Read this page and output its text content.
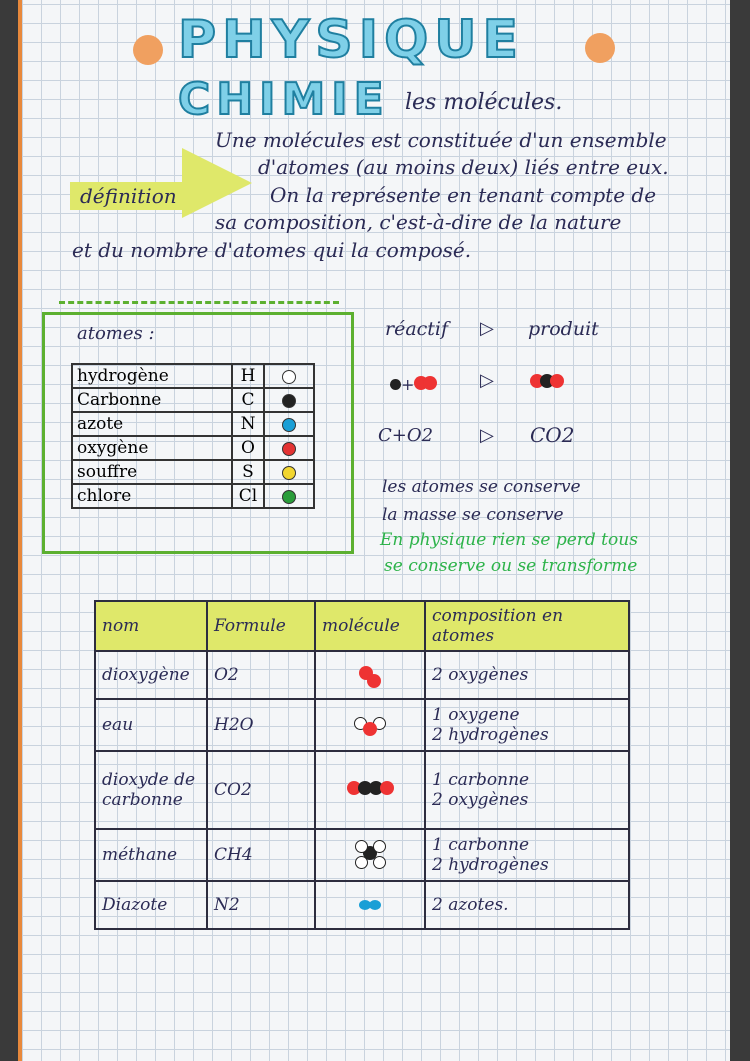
PHYSIQUE
CHIMIE les molécules.
définition
Une molécules est constituée d'un ensemble
d'atomes (au moins deux) liés entre eux.
On la représente en tenant compte de
sa composition, c'est-à-dire de la nature
et du nombre d'atomes qui la composé.
atomes :
hydrogène	H	
Carbonne	C	
azote	N	
oxygène	O	
souffre	S	
chlore	Cl	
réactif ▷ produit
+	▷
C+O2	▷ CO2
les atomes se conserve
la masse se conserve
En physique rien se perd tous
se conserve ou se transforme
nom	Formule	molécule	composition en atomes
dioxygène	O2		2 oxygènes

eau	H2O		1 oxygene
2 hydrogènes

dioxyde de carbonne	CO2		1 carbonne
2 oxygènes

méthane	CH4		1 carbonne
2 hydrogènes

Diazote	N2		2 azotes.
